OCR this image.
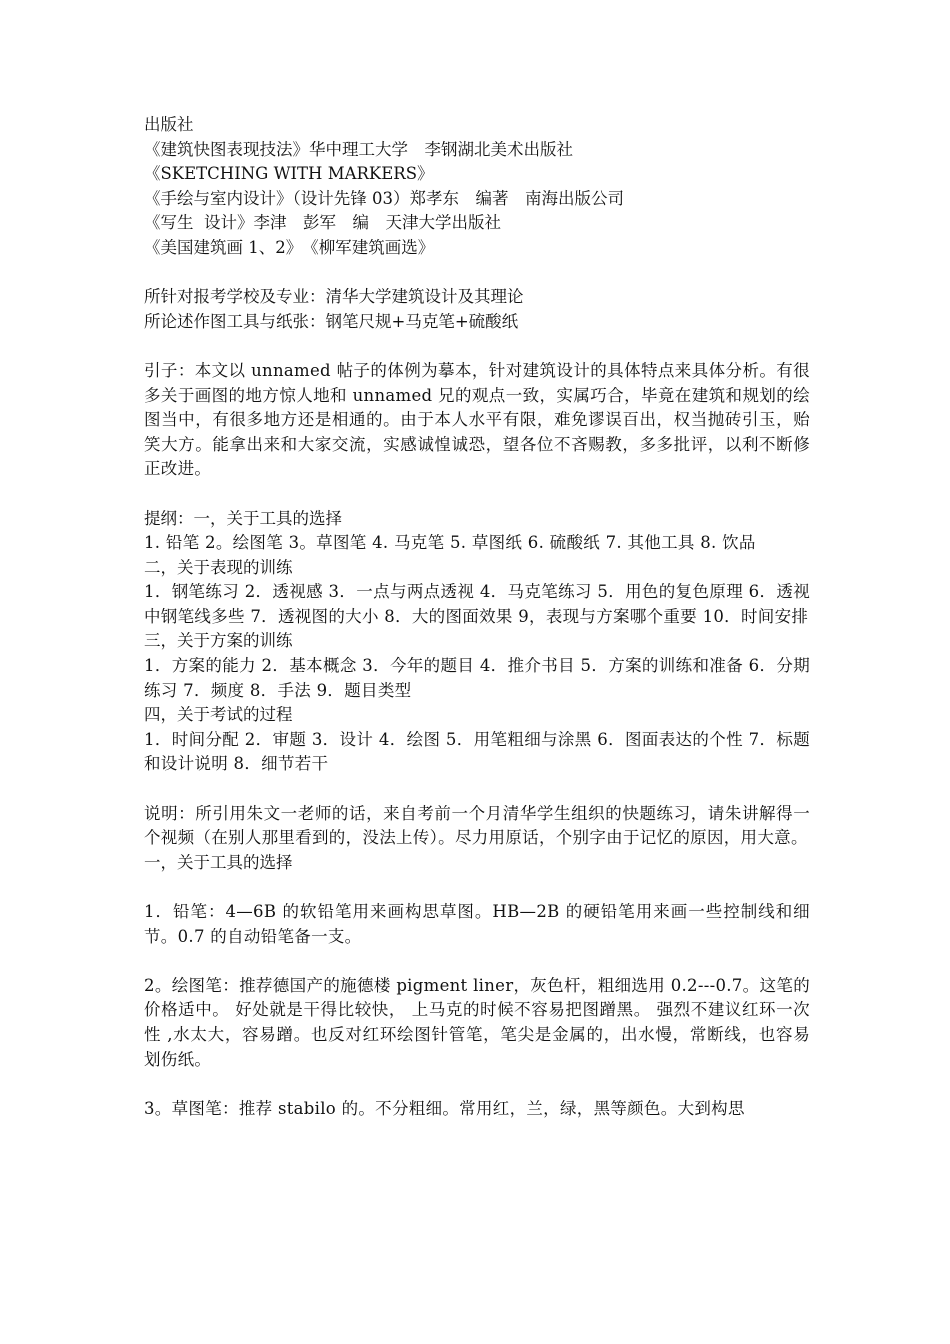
出版社
《建筑快图表现技法》华中理工大学　李钢湖北美术出版社
《SKETCHING WITH MARKERS》
《手绘与室内设计》（设计先锋 03）郑孝东　编著　南海出版公司
《写生  设计》李津　彭军　编　天津大学出版社
《美国建筑画 1、2》　《柳军建筑画选》
所针对报考学校及专业：清华大学建筑设计及其理论
所论述作图工具与纸张：钢笔尺规+马克笔+硫酸纸

引子：本文以 unnamed 帖子的体例为摹本，针对建筑设计的具体特点来具体分析。有很多关于画图的地方惊人地和 unnamed 兄的观点一致，实属巧合，毕竟在建筑和规划的绘图当中，有很多地方还是相通的。由于本人水平有限，难免谬误百出，权当抛砖引玉，贻笑大方。能拿出来和大家交流，实感诚惶诚恐，望各位不吝赐教，多多批评，以利不断修正改进。

提纲：一，关于工具的选择

1. 铅笔 2。绘图笔 3。草图笔 4. 马克笔 5. 草图纸 6. 硫酸纸 7. 其他工具 8. 饮品

二，关于表现的训练

1．钢笔练习 2．透视感 3．一点与两点透视 4．马克笔练习 5．用色的复色原理 6．透视中钢笔线多些 7．透视图的大小 8．大的图面效果 9，表现与方案哪个重要 10．时间安排

三，关于方案的训练

1．方案的能力 2．基本概念 3．今年的题目 4．推介书目 5．方案的训练和准备 6．分期练习 7．频度 8．手法 9．题目类型

四，关于考试的过程

1．时间分配 2．审题 3．设计 4．绘图 5．用笔粗细与涂黑 6．图面表达的个性 7．标题和设计说明 8．细节若干

说明：所引用朱文一老师的话，来自考前一个月清华学生组织的快题练习，请朱讲解得一个视频（在别人那里看到的，没法上传）。尽力用原话，个别字由于记忆的原因，用大意。

一，关于工具的选择

1．铅笔：4—6B 的软铅笔用来画构思草图。HB—2B 的硬铅笔用来画一些控制线和细节。0.7 的自动铅笔备一支。

2。绘图笔：推荐德国产的施德楼 pigment liner，灰色杆，粗细选用 0.2---0.7。这笔的价格适中。 好处就是干得比较快， 上马克的时候不容易把图蹭黑。 强烈不建议红环一次性 ,水太大，容易蹭。也反对红环绘图针管笔，笔尖是金属的，出水慢，常断线，也容易划伤纸。

3。草图笔：推荐 stabilo 的。不分粗细。常用红，兰，绿，黑等颜色。大到构思
